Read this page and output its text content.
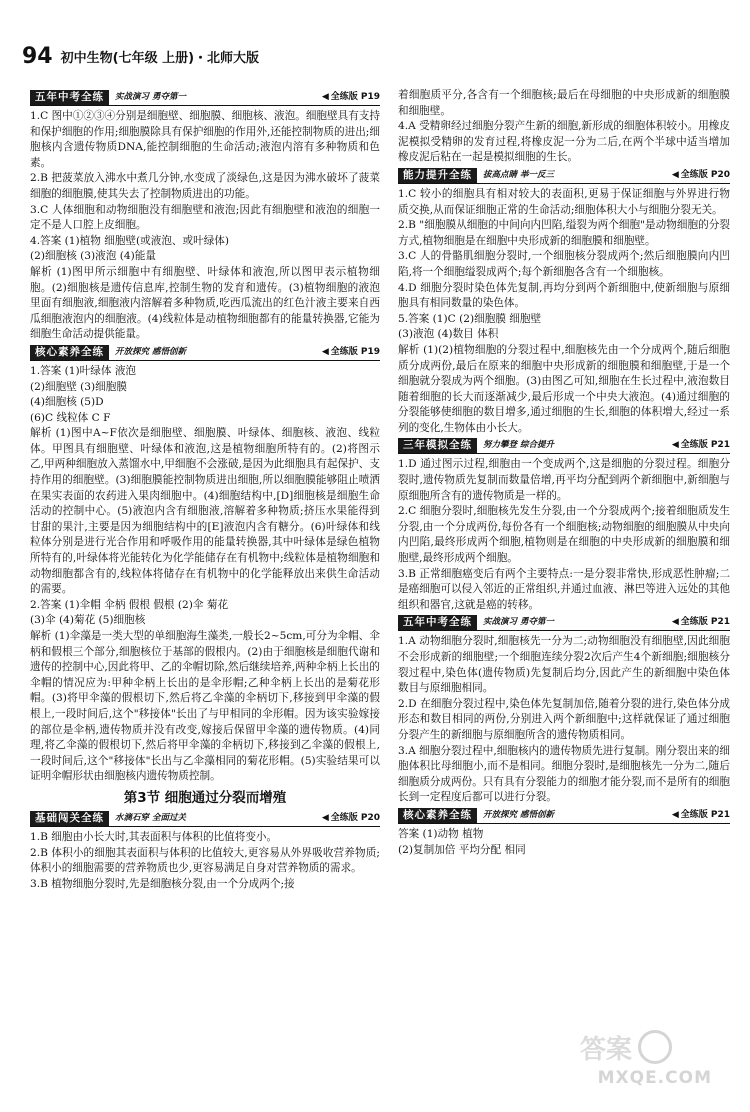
94 初中生物(七年级 上册)・北师大版
五年中考全练	实战演习 勇夺第一	◀ 全练版 P19

1.C 图中①②③④分别是细胞壁、细胞膜、细胞核、液泡。细胞壁具有支持和保护细胞的作用;细胞膜除具有保护细胞的作用外,还能控制物质的进出;细胞核内含遗传物质DNA,能控制细胞的生命活动;液泡内溶有多种物质和色素。

2.B 把菠菜放入沸水中煮几分钟,水变成了淡绿色,这是因为沸水破坏了菠菜细胞的细胞膜,使其失去了控制物质进出的功能。

3.C 人体细胞和动物细胞没有细胞壁和液泡;因此有细胞壁和液泡的细胞一定不是人口腔上皮细胞。

4.答案 (1)植物 细胞壁(或液泡、或叶绿体)

(2)细胞核 (3)液泡 (4)能量

解析 (1)图甲所示细胞中有细胞壁、叶绿体和液泡,所以图甲表示植物细胞。(2)细胞核是遗传信息库,控制生物的发育和遗传。(3)植物细胞的液泡里面有细胞液,细胞液内溶解着多种物质,吃西瓜流出的红色汁液主要来自西瓜细胞液泡内的细胞液。(4)线粒体是动植物细胞都有的能量转换器,它能为细胞生命活动提供能量。

核心素养全练	开放探究 感悟创新	◀ 全练版 P19

1.答案 (1)叶绿体 液泡

(2)细胞壁 (3)细胞膜

(4)细胞核 (5)D

(6)C 线粒体 C F

解析 (1)图中A~F依次是细胞壁、细胞膜、叶绿体、细胞核、液泡、线粒体。甲图具有细胞壁、叶绿体和液泡,这是植物细胞所特有的。(2)将图示乙,甲两种细胞放入蒸馏水中,甲细胞不会涨破,是因为此细胞具有起保护、支持作用的细胞壁。(3)细胞膜能控制物质进出细胞,所以细胞膜能够阻止喷洒在果实表面的农药进入果肉细胞中。(4)细胞结构中,[D]细胞核是细胞生命活动的控制中心。(5)液泡内含有细胞液,溶解着多种物质;挤压水果能得到甘甜的果汁,主要是因为细胞结构中的[E]液泡内含有糖分。(6)叶绿体和线粒体分别是进行光合作用和呼吸作用的能量转换器,其中叶绿体是绿色植物所特有的,叶绿体将光能转化为化学能储存在有机物中;线粒体是植物细胞和动物细胞都含有的,线粒体将储存在有机物中的化学能释放出来供生命活动的需要。

2.答案 (1)伞帽 伞柄 假根 假根 (2)伞 菊花

(3)伞 (4)菊花 (5)细胞核

解析 (1)伞藻是一类大型的单细胞海生藻类,一般长2~5cm,可分为伞帽、伞柄和假根三个部分,细胞核位于基部的假根内。(2)由于细胞核是细胞代谢和遗传的控制中心,因此将甲、乙的伞帽切除,然后继续培养,两种伞柄上长出的伞帽的情况应为:甲种伞柄上长出的是伞形帽;乙种伞柄上长出的是菊花形帽。(3)将甲伞藻的假根切下,然后将乙伞藻的伞柄切下,移接到甲伞藻的假根上,一段时间后,这个"移接体"长出了与甲相同的伞形帽。因为该实验嫁接的部位是伞柄,遗传物质并没有改变,嫁接后保留甲伞藻的遗传物质。(4)同理,将乙伞藻的假根切下,然后将甲伞藻的伞柄切下,移接到乙伞藻的假根上,一段时间后,这个"移接体"长出与乙伞藻相同的菊花形帽。(5)实验结果可以证明伞帽形状由细胞核内遗传物质控制。

第3节 细胞通过分裂而增殖
基础闯关全练	水滴石穿 全面过关	◀ 全练版 P20

1.B 细胞由小长大时,其表面积与体积的比值将变小。

2.B 体积小的细胞其表面积与体积的比值较大,更容易从外界吸收营养物质;体积小的细胞需要的营养物质也少,更容易满足自身对营养物质的需求。

3.B 植物细胞分裂时,先是细胞核分裂,由一个分成两个;接

着细胞质平分,各含有一个细胞核;最后在母细胞的中央形成新的细胞膜和细胞壁。

4.A 受精卵经过细胞分裂产生新的细胞,新形成的细胞体积较小。用橡皮泥模拟受精卵的发育过程,将橡皮泥一分为二后,在两个半球中适当增加橡皮泥后粘在一起是模拟细胞的生长。

能力提升全练	拔高点睛 举一反三	◀ 全练版 P20

1.C 较小的细胞具有相对较大的表面积,更易于保证细胞与外界进行物质交换,从而保证细胞正常的生命活动;细胞体积大小与细胞分裂无关。

2.B "细胞膜从细胞的中间向内凹陷,缢裂为两个细胞"是动物细胞的分裂方式,植物细胞是在细胞中央形成新的细胞膜和细胞壁。

3.C 人的骨骼肌细胞分裂时,一个细胞核分裂成两个;然后细胞膜向内凹陷,将一个细胞缢裂成两个;每个新细胞各含有一个细胞核。

4.D 细胞分裂时染色体先复制,再均分到两个新细胞中,使新细胞与原细胞具有相同数量的染色体。

5.答案 (1)C (2)细胞膜 细胞壁

(3)液泡 (4)数目 体积

解析 (1)(2)植物细胞的分裂过程中,细胞核先由一个分成两个,随后细胞质分成两份,最后在原来的细胞中央形成新的细胞膜和细胞壁,于是一个细胞就分裂成为两个细胞。(3)由图乙可知,细胞在生长过程中,液泡数目随着细胞的长大而逐渐减少,最后形成一个中央大液泡。(4)通过细胞的分裂能够使细胞的数目增多,通过细胞的生长,细胞的体积增大,经过一系列的变化,生物体由小长大。

三年模拟全练	努力攀登 综合提升	◀ 全练版 P21

1.D 通过图示过程,细胞由一个变成两个,这是细胞的分裂过程。细胞分裂时,遗传物质先复制而数量倍增,再平均分配到两个新细胞中,新细胞与原细胞所含有的遗传物质是一样的。

2.C 细胞分裂时,细胞核先发生分裂,由一个分裂成两个;接着细胞质发生分裂,由一个分成两份,每份各有一个细胞核;动物细胞的细胞膜从中央向内凹陷,最终形成两个细胞,植物则是在细胞的中央形成新的细胞膜和细胞壁,最终形成两个细胞。

3.B 正常细胞癌变后有两个主要特点:一是分裂非常快,形成恶性肿瘤;二是癌细胞可以侵入邻近的正常组织,并通过血液、淋巴等进入远处的其他组织和器官,这就是癌的转移。

五年中考全练	实战演习 勇夺第一	◀ 全练版 P21

1.A 动物细胞分裂时,细胞核先一分为二;动物细胞没有细胞壁,因此细胞不会形成新的细胞壁;一个细胞连续分裂2次后产生4个新细胞;细胞核分裂过程中,染色体(遗传物质)先复制后均分,因此产生的新细胞中染色体数目与原细胞相同。

2.D 在细胞分裂过程中,染色体先复制加倍,随着分裂的进行,染色体分成形态和数目相同的两份,分别进入两个新细胞中;这样就保证了通过细胞分裂产生的新细胞与原细胞所含的遗传物质相同。

3.A 细胞分裂过程中,细胞核内的遗传物质先进行复制。刚分裂出来的细胞体积比母细胞小,而不是相同。细胞分裂时,是细胞核先一分为二,随后细胞质分成两份。只有具有分裂能力的细胞才能分裂,而不是所有的细胞长到一定程度后都可以进行分裂。

核心素养全练	开放探究 感悟创新	◀ 全练版 P21

答案 (1)动物 植物

(2)复制加倍 平均分配 相同

答案
MXQE.COM
